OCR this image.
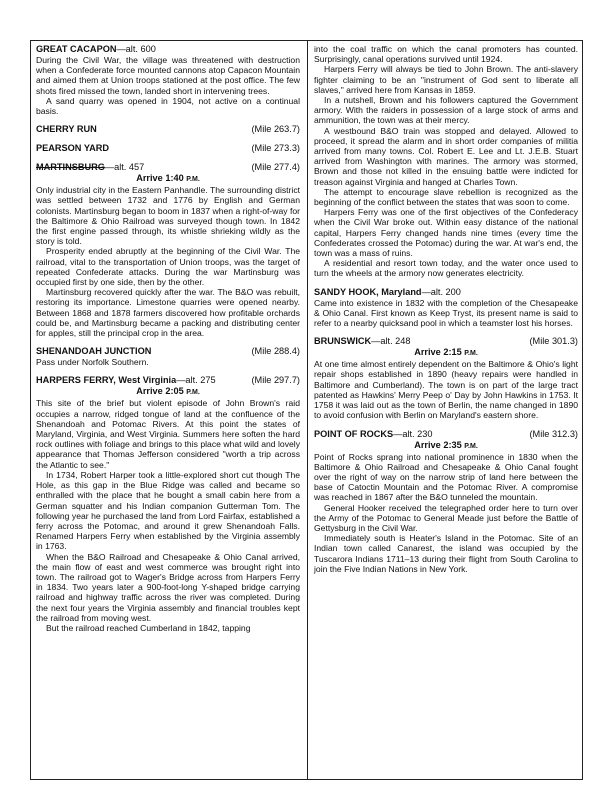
GREAT CACAPON—alt. 600

During the Civil War, the village was threatened with destruction when a Confederate force mounted cannons atop Capacon Mountain and aimed them at Union troops stationed at the post office. The few shots fired missed the town, landed short in intervening trees.

A sand quarry was opened in 1904, not active on a continual basis.

CHERRY RUN	(Mile 263.7)
PEARSON YARD	(Mile 273.3)
MARTINSBURG—alt. 457	(Mile 277.4)
Arrive 1:40 P.M.

Only industrial city in the Eastern Panhandle. The surrounding district was settled between 1732 and 1776 by English and German colonists. Martinsburg began to boom in 1837 when a right-of-way for the Baltimore & Ohio Railroad was surveyed though town. In 1842 the first engine passed through, its whistle shrieking wildly as the story is told.

Prosperity ended abruptly at the beginning of the Civil War. The railroad, vital to the transportation of Union troops, was the target of repeated Confederate attacks. During the war Martinsburg was occupied first by one side, then by the other.

Martinsburg recovered quickly after the war. The B&O was rebuilt, restoring its importance. Limestone quarries were opened nearby. Between 1868 and 1878 farmers discovered how profitable orchards could be, and Martinsburg became a packing and distributing center for apples, still the principal crop in the area.

SHENANDOAH JUNCTION	(Mile 288.4)

Pass under Norfolk Southern.

HARPERS FERRY, West Virginia—alt. 275	(Mile 297.7)
Arrive 2:05 P.M.

This site of the brief but violent episode of John Brown's raid occupies a narrow, ridged tongue of land at the confluence of the Shenandoah and Potomac Rivers. At this point the states of Maryland, Virginia, and West Virginia. Summers here soften the hard rock outlines with foliage and brings to this place what wild and lovely appearance that Thomas Jefferson considered "worth a trip across the Atlantic to see."

In 1734, Robert Harper took a little-explored short cut though The Hole, as this gap in the Blue Ridge was called and became so enthralled with the place that he bought a small cabin here from a German squatter and his Indian companion Gutterman Tom. The following year he purchased the land from Lord Fairfax, established a ferry across the Potomac, and around it grew Shenandoah Falls. Renamed Harpers Ferry when established by the Virginia assembly in 1763.

When the B&O Railroad and Chesapeake & Ohio Canal arrived, the main flow of east and west commerce was brought right into town. The railroad got to Wager's Bridge across from Harpers Ferry in 1834. Two years later a 900-foot-long Y-shaped bridge carrying railroad and highway traffic across the river was completed. During the next four years the Virginia assembly and financial troubles kept the railroad from moving west.

But the railroad reached Cumberland in 1842, tapping

into the coal traffic on which the canal promoters has counted. Surprisingly, canal operations survived until 1924.

Harpers Ferry will always be tied to John Brown. The anti-slavery fighter claiming to be an "instrument of God sent to liberate all slaves," arrived here from Kansas in 1859.

In a nutshell, Brown and his followers captured the Government armory. With the raiders in possession of a large stock of arms and ammunition, the town was at their mercy.

A westbound B&O train was stopped and delayed. Allowed to proceed, it spread the alarm and in short order companies of militia arrived from many towns. Col. Robert E. Lee and Lt. J.E.B. Stuart arrived from Washington with marines. The armory was stormed, Brown and those not killed in the ensuing battle were indicted for treason against Virginia and hanged at Charles Town.

The attempt to encourage slave rebellion is recognized as the beginning of the conflict between the states that was soon to come.

Harpers Ferry was one of the first objectives of the Confederacy when the Civil War broke out. Within easy distance of the national capital, Harpers Ferry changed hands nine times (every time the Confederates crossed the Potomac) during the war. At war's end, the town was a mass of ruins.

A residential and resort town today, and the water once used to turn the wheels at the armory now generates electricity.

SANDY HOOK, Maryland—alt. 200

Came into existence in 1832 with the completion of the Chesapeake & Ohio Canal. First known as Keep Tryst, its present name is said to refer to a nearby quicksand pool in which a teamster lost his horses.

BRUNSWICK—alt. 248	(Mile 301.3)
Arrive 2:15 P.M.

At one time almost entirely dependent on the Baltimore & Ohio's light repair shops established in 1890 (heavy repairs were handled in Baltimore and Cumberland). The town is on part of the large tract patented as Hawkins' Merry Peep o' Day by John Hawkins in 1753. It 1758 it was laid out as the town of Berlin, the name changed in 1890 to avoid confusion with Berlin on Maryland's eastern shore.

POINT OF ROCKS—alt. 230	(Mile 312.3)
Arrive 2:35 P.M.

Point of Rocks sprang into national prominence in 1830 when the Baltimore & Ohio Railroad and Chesapeake & Ohio Canal fought over the right of way on the narrow strip of land here between the base of Catoctin Mountain and the Potomac River. A compromise was reached in 1867 after the B&O tunneled the mountain.

General Hooker received the telegraphed order here to turn over the Army of the Potomac to General Meade just before the Battle of Gettysburg in the Civil War.

Immediately south is Heater's Island in the Potomac. Site of an Indian town called Canarest, the island was occupied by the Tuscarora Indians 1711–13 during their flight from South Carolina to join the Five Indian Nations in New York.
